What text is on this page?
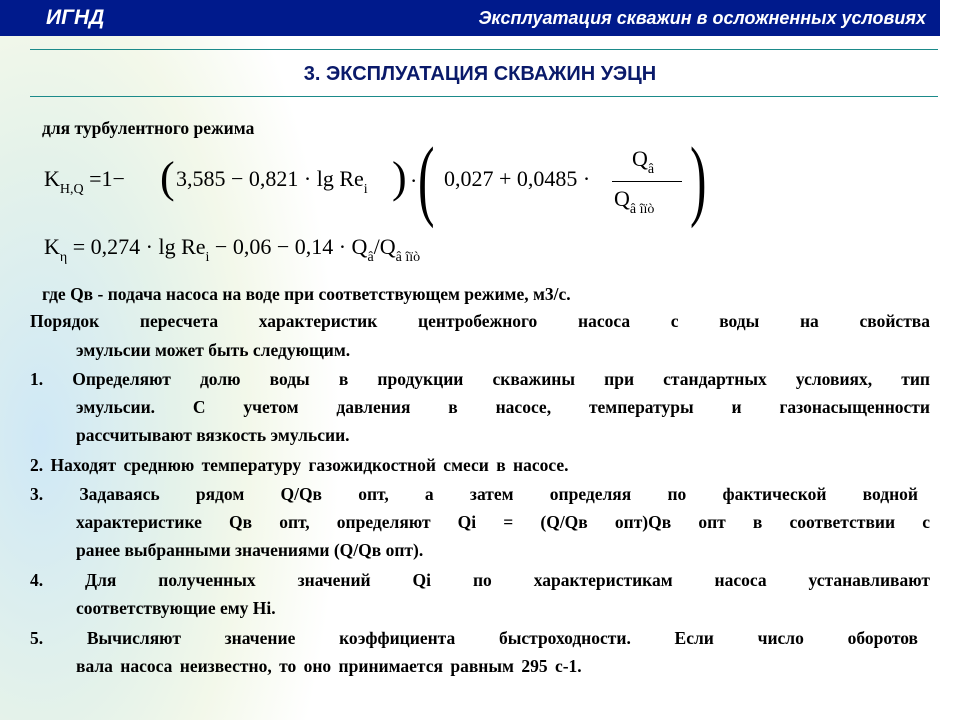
ИГНД	Эксплуатация скважин в осложненных условиях
3. ЭКСПЛУАТАЦИЯ СКВАЖИН УЭЦН
для турбулентного режима
$K_{H,Q} =1-$ ( $3,585 - 0,821 \cdot \lg Re_i$ ) · ( 0,027 + 0,0485 ·
$Q_â$
$Q_{â îïò}$ )
$K_\eta = 0,274 \cdot \lg Re_i - 0,06 - 0,14 \cdot Q_â/Q_{â îïò}$
где Qв - подача насоса на воде при соответствующем режиме, м3/с.
Порядок пересчета характеристик центробежного насоса с воды на свойства
эмульсии может быть следующим.
1. Определяют долю воды в продукции скважины при стандартных условиях, тип
эмульсии. С учетом давления в насосе, температуры и газонасыщенности
рассчитывают вязкость эмульсии.
2. Находят среднюю температуру газожидкостной смеси в насосе.
3. Задаваясь рядом Q/Qв опт, а затем определяя по фактической водной
характеристике Qв опт, определяют Qi = (Q/Qв опт)Qв опт в соответствии с
ранее выбранными значениями (Q/Qв опт).
4. Для полученных значений Qi по характеристикам насоса устанавливают
соответствующие ему Hi.
5. Вычисляют значение коэффициента быстроходности. Если число оборотов
вала насоса неизвестно, то оно принимается равным 295 с-1.
